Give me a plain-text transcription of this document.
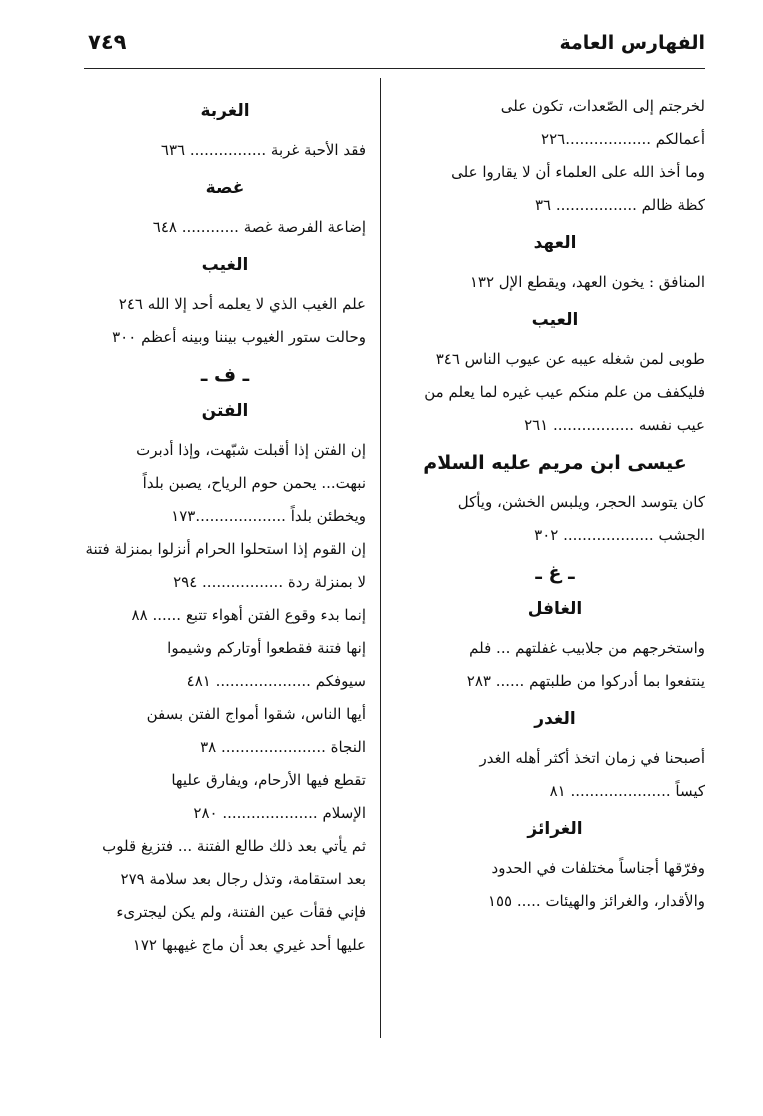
الفهارس العامة
٧٤٩
لخرجتم إلى الصّعدات، تكون على
أعمالكم ..................٢٢٦
وما أخذ الله على العلماء أن لا يقاروا على
كظة ظالم ................. ٣٦
العهد
المنافق : يخون العهد، ويقطع الإل ١٣٢
العيب
طوبى لمن شغله عيبه عن عيوب الناس ٣٤٦
فليكفف من علم منكم عيب غيره لما يعلم من
عيب نفسه ................. ٢٦١
عيسى ابن مريم عليه السلام
كان يتوسد الحجر، ويلبس الخشن، ويأكل
الجشب ................... ٣٠٢
ـ غ ـ
الغافل
واستخرجهم من جلابيب غفلتهم ... فلم
ينتفعوا بما أدركوا من طلبتهم ...... ٢٨٣
الغدر
أصبحنا في زمان اتخذ أكثر أهله الغدر
كيساً ..................... ٨١
الغرائز
وفرّقها أجناساً مختلفات في الحدود
والأقدار، والغرائز والهيئات ..... ١٥٥
الغربة
فقد الأحبة غربة ................ ٦٣٦
غصة
إضاعة الفرصة غصة ............ ٦٤٨
الغيب
علم الغيب الذي لا يعلمه أحد إلا الله ٢٤٦
وحالت ستور الغيوب بيننا وبينه أعظم ٣٠٠
ـ ف ـ
الفتن
إن الفتن إذا أقبلت شبّهت، وإذا أدبرت
نبهت... يحمن حوم الرياح، يصبن بلداً
ويخطئن بلداً ...................١٧٣
إن القوم إذا استحلوا الحرام أنزلوا بمنزلة فتنة
لا بمنزلة ردة ................. ٢٩٤
إنما بدء وقوع الفتن أهواء تتبع ...... ٨٨
إنها فتنة فقطعوا أوتاركم وشيموا
سيوفكم .................... ٤٨١
أيها الناس، شقوا أمواج الفتن بسفن
النجاة ...................... ٣٨
تقطع فيها الأرحام، ويفارق عليها
الإسلام .................... ٢٨٠
ثم يأتي بعد ذلك طالع الفتنة ... فتزيغ قلوب
بعد استقامة، وتذل رجال بعد سلامة ٢٧٩
فإني فقأت عين الفتنة، ولم يكن ليجترىء
عليها أحد غيري بعد أن ماج غيهبها ١٧٢
